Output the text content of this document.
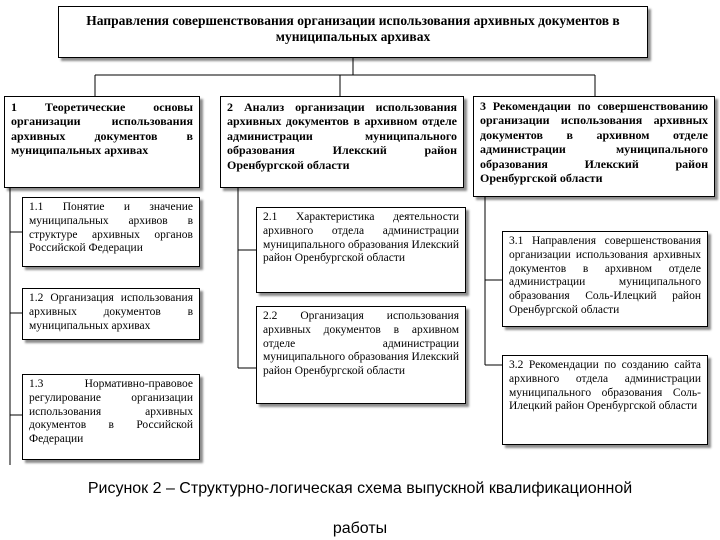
Направления совершенствования организации использования архивных документов в муниципальных архивах
1 Теоретические основы организации использования архивных документов в муниципальных архивах
2 Анализ организации использования архивных документов в архивном отделе администрации муниципального образования Илекский район Оренбургской области
3 Рекомендации по совершенствованию организации использования архивных документов в архивном отделе администрации муниципального образования Илекский район Оренбургской области
1.1 Понятие и значение муниципальных архивов в структуре архивных органов Российской Федерации
1.2 Организация использования архивных документов в муниципальных архивах
1.3 Нормативно-правовое регулирование организации использования архивных документов в Российской Федерации
2.1 Характеристика деятельности архивного отдела администрации муниципального образования Илекский район Оренбургской области
2.2 Организация использования архивных документов в архивном отделе администрации муниципального образования Илекский район Оренбургской области
3.1 Направления совершенствования организации использования архивных документов в архивном отделе администрации муниципального образования Соль-Илецкий район Оренбургской области
3.2 Рекомендации по созданию сайта архивного отдела администрации муниципального образования Соль-Илецкий район Оренбургской области
Рисунок 2 – Структурно-логическая схема выпускной квалификационной
работы
